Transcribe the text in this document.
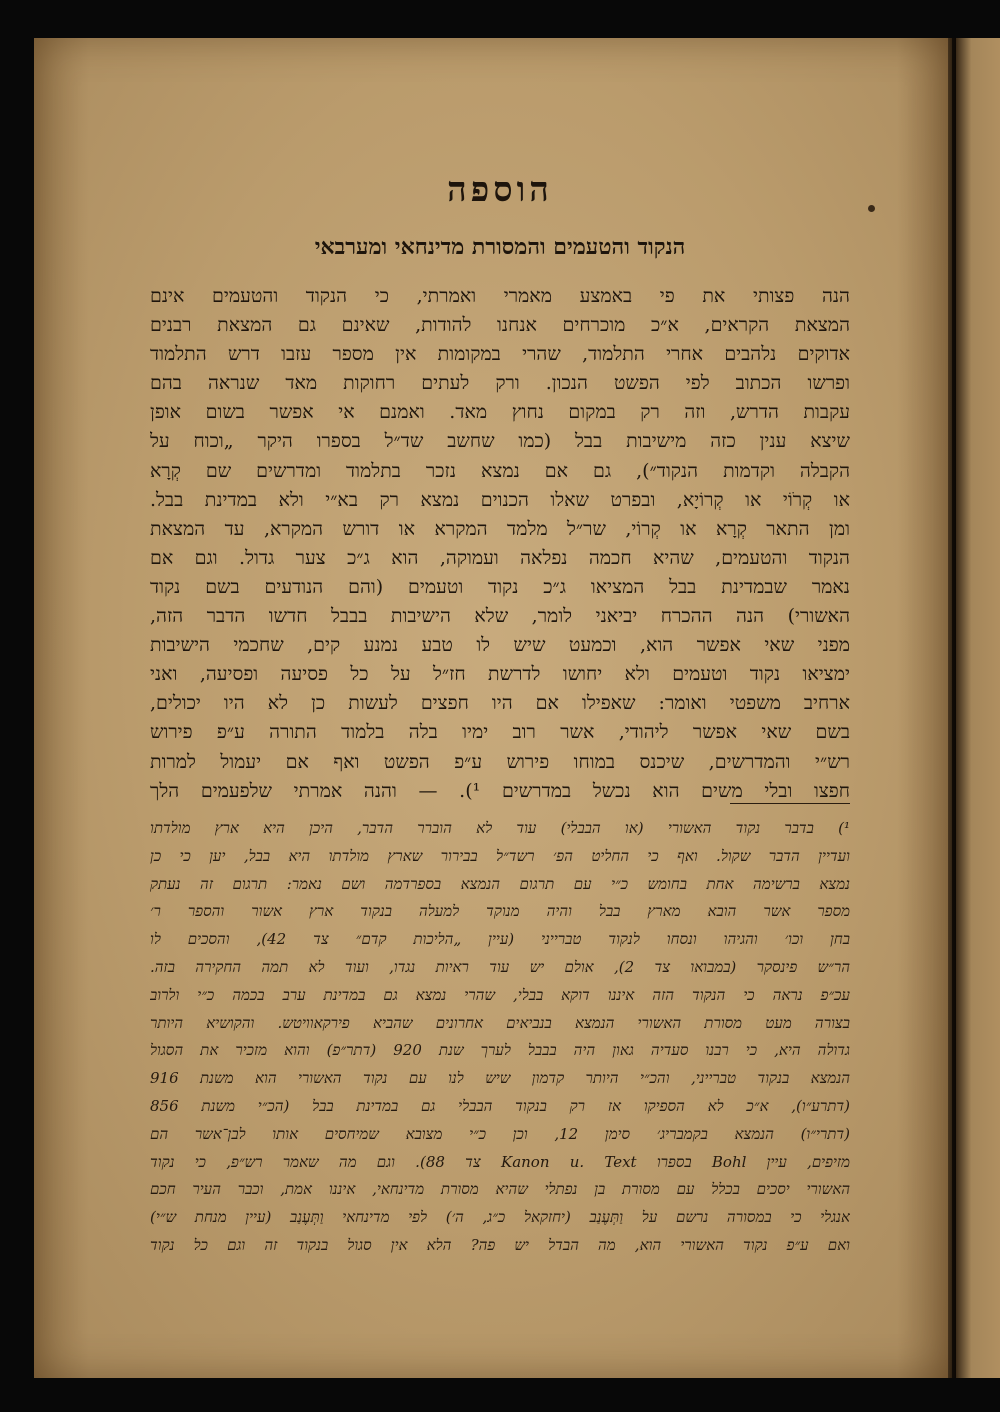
הוספה
הנקוד והטעמים והמסורת מדינחאי ומערבאי
הנה פצותי את פי באמצע מאמרי ואמרתי, כי הנקוד והטעמים אינם
המצאת הקראים, א״כ מוכרחים אנחנו להודות, שאינם גם המצאת רבנים
אדוקים נלהבים אחרי התלמוד, שהרי במקומות אין מספר עזבו דרש התלמוד
ופרשו הכתוב לפי הפשט הנכון. ורק לעתים רחוקות מאד שנראה בהם
עקבות הדרש, וזה רק במקום נחוץ מאד. ואמנם אי אפשר בשום אופן
שיצא ענין כזה מישיבות בבל (כמו שחשב שד״ל בספרו היקר „וכוח על
הקבלה וקדמות הנקוד״), גם אם נמצא נזכר בתלמוד ומדרשים שם קְרָא
או קְרֹוֹי או קְרוֹיָא, ובפרט שאלו הכנוים נמצא רק בא״י ולא במדינת בבל.
ומן התאר קְרָא או קְרוֹי, שר״ל מלמד המקרא או דורש המקרא, עד המצאת
הנקוד והטעמים, שהיא חכמה נפלאה ועמוקה, הוא ג״כ צער גדול. וגם אם
נאמר שבמדינת בבל המציאו ג״כ נקוד וטעמים (והם הנודעים בשם נקוד
האשורי) הנה ההכרח יביאני לומר, שלא הישיבות בבבל חדשו הדבר הזה,
מפני שאי אפשר הוא, וכמעט שיש לו טבע נמנע קים, שחכמי הישיבות
ימציאו נקוד וטעמים ולא יחושו לדרשת חז״ל על כל פסיעה ופסיעה, ואני
ארחיב משפטי ואומר: שאפילו אם היו חפצים לעשות כן לא היו יכולים,
בשם שאי אפשר ליהודי, אשר רוב ימיו בלה בלמוד התורה ע״פ פירוש
רש״י והמדרשים, שיכנס במוחו פירוש ע״פ הפשט ואף אם יעמול למרות
חפצו ובלי משים הוא נכשל במדרשים ¹). — והנה אמרתי שלפעמים הלך
¹) בדבר נקוד האשורי (או הבבלי) עוד לא הוברר הדבר, היכן היא ארץ מולדתו
ועדיין הדבר שקול. ואף כי החליט הפ׳ רשד״ל בבירור שארץ מולדתו היא בבל, יען כי כן
נמצא ברשימה אחת בחומש כ״י עם תרגום הנמצא בספרדמה ושם נאמר: תרגום זה נעתק
מספר אשר הובא מארץ בבל והיה מנוקד למעלה בנקוד ארץ אשור והספר ר׳
בחן וכו׳ והגיהו ונסחו לנקוד טברייני (עיין „הליכות קדם״ צד 42), והסכים לו
הר״ש פינסקר (במבואו צד 2), אולם יש עוד ראיות נגדו, ועוד לא תמה החקירה בזה.
עכ״פ נראה כי הנקוד הזה איננו דוקא בבלי, שהרי נמצא גם במדינת ערב בכמה כ״י ולרוב
בצורה מעט מסורת האשורי הנמצא בנביאים אחרונים שהביא פירקאוויטש. והקושיא היותר
גדולה היא, כי רבנו סעדיה גאון היה בבבל לערך שנת 920 (דתר״פ) והוא מזכיר את הסגול
הנמצא בנקוד טברייני, והכ״י היותר קדמון שיש לנו עם נקוד האשורי הוא משנת 916
(דתרע״ו), א״כ לא הספיקו אז רק בנקוד הבבלי גם במדינת בבל (הכ״י משנת 856
(דתרי״ו) הנמצא בקמבריג׳ סימן 12, וכן כ״י מצובא שמיחסים אותו לבן־אשר הם
מזיפים, עיין Bohl בספרו Kanon u. Text צד 88). וגם מה שאמר רש״פ, כי נקוד
האשורי יסכים בכלל עם מסורת בן נפתלי שהיא מסורת מדינחאי, איננו אמת, וכבר העיר חכם
אנגלי כי במסורה נרשם על וַתְּעֶנַב (יחזקאל כ״ג, ה׳) לפי מדינחאי וַתְּעֶנַב (עיין מנחת ש״י)
ואם ע״פ נקוד האשורי הוא, מה הבדל יש פה? הלא אין סגול בנקוד זה וגם כל נקוד
